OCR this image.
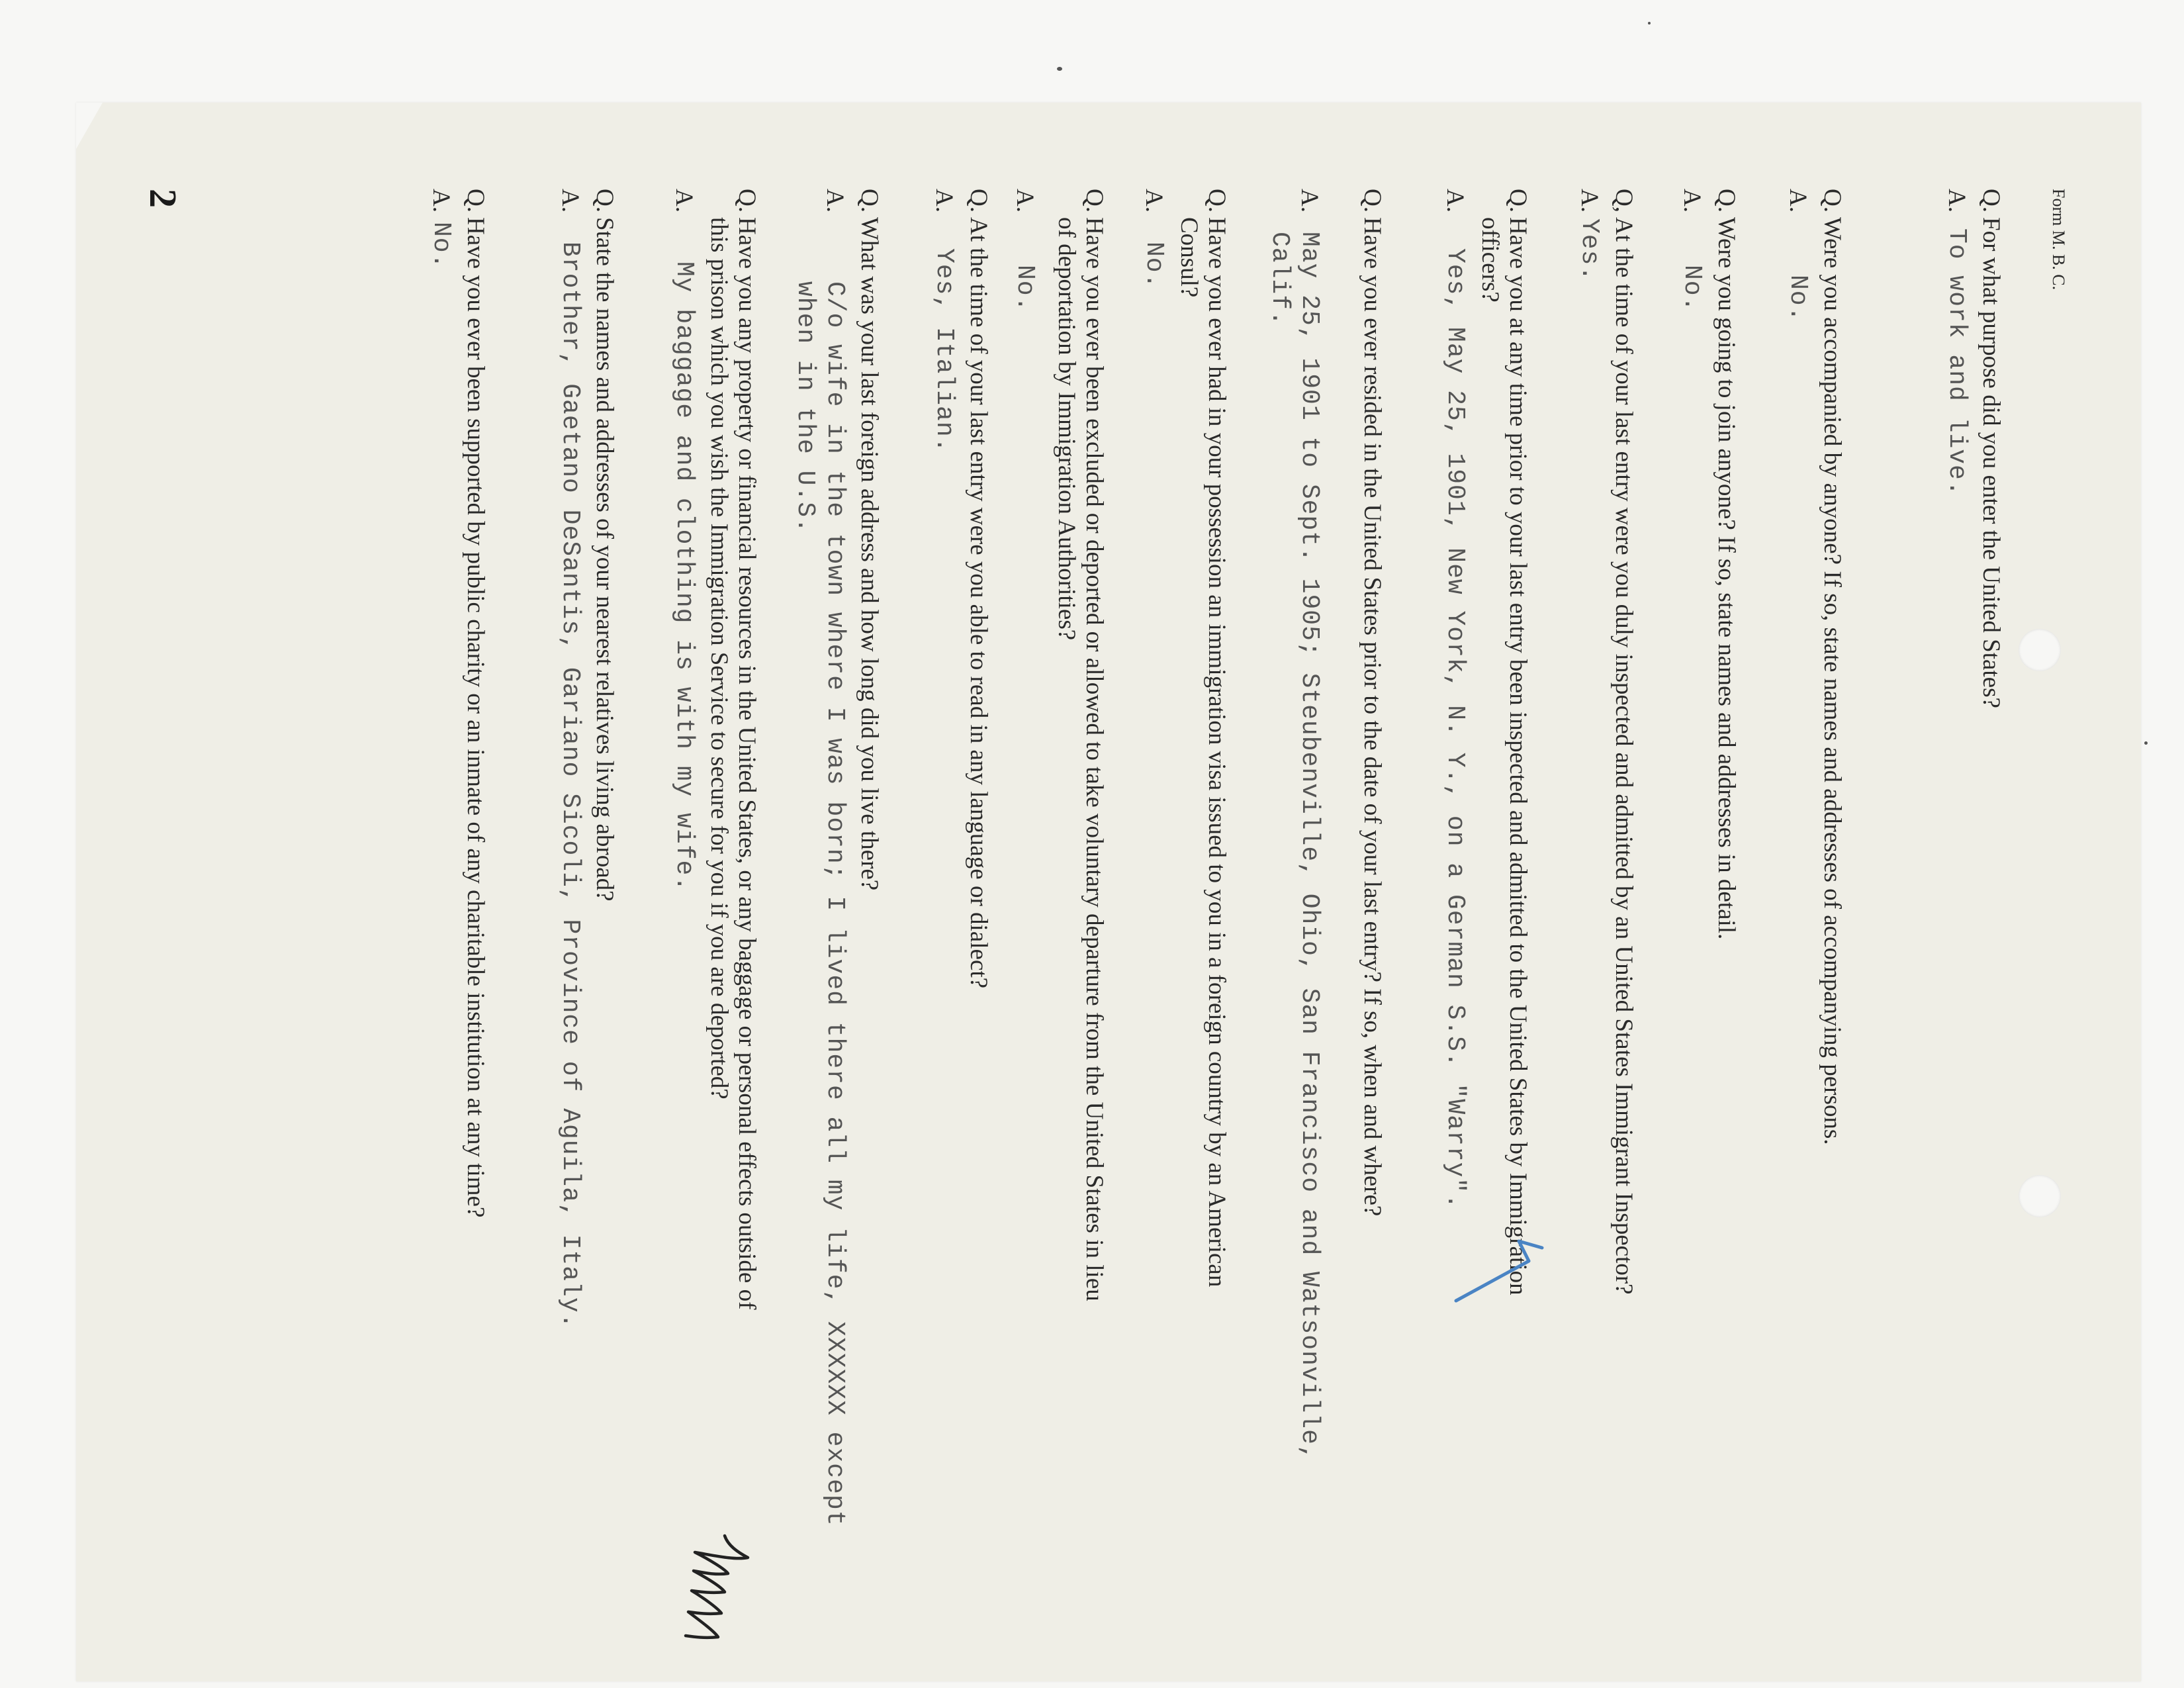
Form M. B. C.
2	Q.
For what purpose did you enter the United States?
A.
To work and live.
Q.
Were you accompanied by anyone? If so, state names and addresses of accompanying persons.
A.
No.
Q.
Were you going to join anyone? If so, state names and addresses in detail.
A.
No.
Q,
At the time of your last entry were you duly inspected and admitted by an United States Immigrant Inspector?
A.
Yes.
Q.
Have you at any time prior to your last entry been inspected and admitted to the United States by Immigration
officers?
A.
Yes, May 25, 1901, New York, N. Y., on a German S.S. "Warry".
Q.
Have you ever resided in the United States prior to the date of your last entry? If so, when and where?
A.
May 25, 1901 to Sept. 1905; Steubenville, Ohio, San Francisco and Watsonville,
Calif.
Q.
Have you ever had in your possession an immigration visa issued to you in a foreign country by an American
Consul?
A.
No.
Q.
Have you ever been excluded or deported or allowed to take voluntary departure from the United States in lieu
of deportation by Immigration Authorities?
A.
No.
Q.
At the time of your last entry were you able to read in any language or dialect?
A.
Yes, Italian.
Q.
What was your last foreign address and how long did you live there?
A.
C/o wife in the town where I was born; I lived there all my life, XXXXXX except
when in the U.S.
Q.
Have you any property or financial resources in the United States, or any baggage or personal effects outside of
this prison which you wish the Immigration Service to secure for you if you are deported?
A.
My baggage and clothing is with my wife.
Q.
State the names and addresses of your nearest relatives living abroad?
A.
Brother, Gaetano DeSantis, Gariano Sicoli, Province of Aguila, Italy.
Q.
Have you ever been supported by public charity or an inmate of any charitable institution at any time?
A.
No.
